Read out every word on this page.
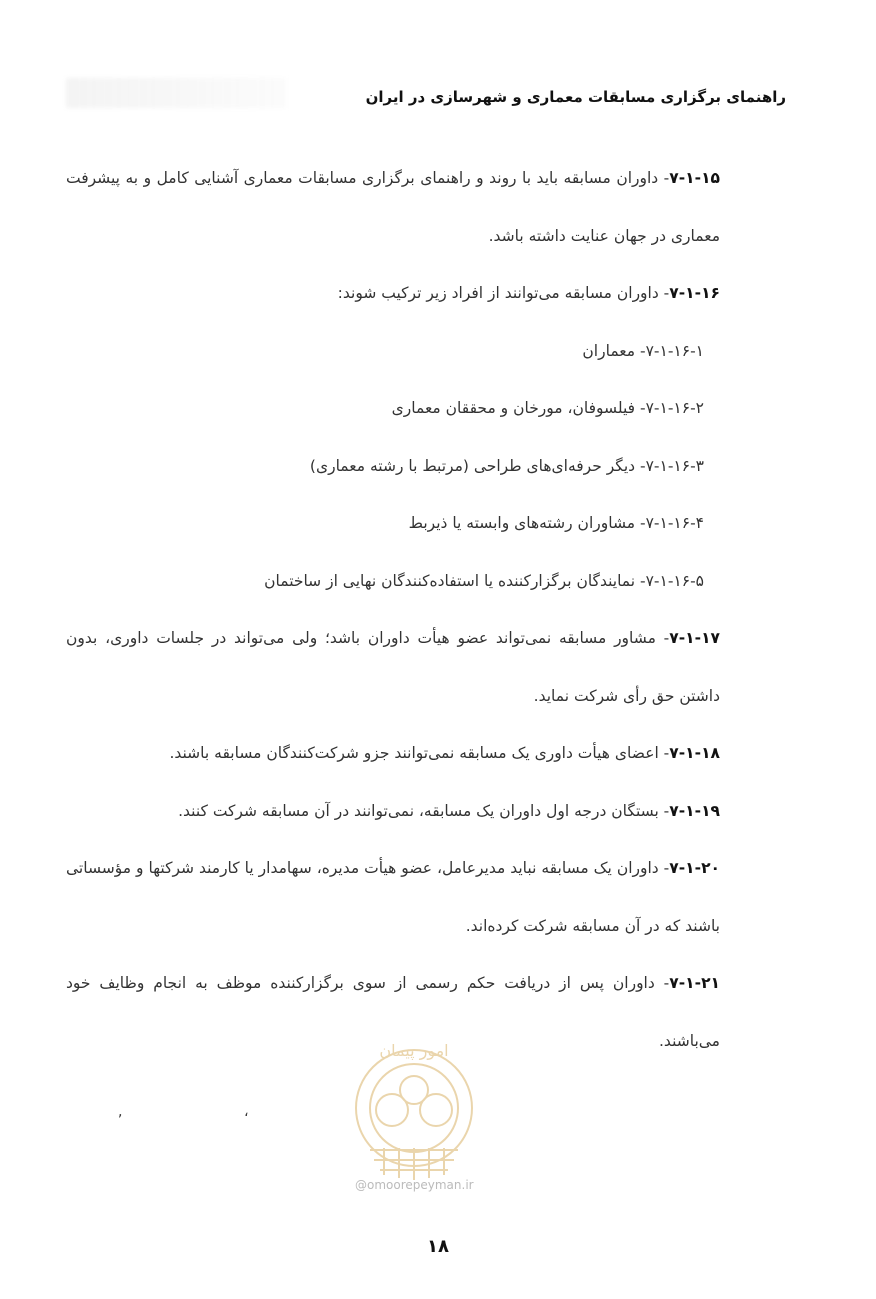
راهنمای برگزاری مسابقات معماری و شهرسازی در ایران

۷-۱-۱۵- داوران مسابقه باید با روند و راهنمای برگزاری مسابقات معماری آشنایی کامل و به پیشرفت معماری در جهان عنایت داشته باشد.

۷-۱-۱۶- داوران مسابقه می‌توانند از افراد زیر ترکیب شوند:

۷-۱-۱۶-۱- معماران

۷-۱-۱۶-۲- فیلسوفان، مورخان و محققان معماری

۷-۱-۱۶-۳- دیگر حرفه‌ای‌های طراحی (مرتبط با رشته معماری)

۷-۱-۱۶-۴- مشاوران رشته‌های وابسته یا ذیربط

۷-۱-۱۶-۵- نمایندگان برگزارکننده یا استفاده‌کنندگان نهایی از ساختمان

۷-۱-۱۷- مشاور مسابقه نمی‌تواند عضو هیأت داوران باشد؛ ولی می‌تواند در جلسات داوری، بدون داشتن حق رأی شرکت نماید.

۷-۱-۱۸- اعضای هیأت داوری یک مسابقه نمی‌توانند جزو شرکت‌کنندگان مسابقه باشند.

۷-۱-۱۹- بستگان درجه اول داوران یک مسابقه، نمی‌توانند در آن مسابقه شرکت کنند.

۷-۱-۲۰- داوران یک مسابقه نباید مدیرعامل، عضو هیأت مدیره، سهامدار یا کارمند شرکتها و مؤسساتی باشند که در آن مسابقه شرکت کرده‌اند.

۷-۱-۲۱- داوران پس از دریافت حکم رسمی از سوی برگزارکننده موظف به انجام وظایف خود می‌باشند.

امور پیمان
@omoorepeyman.ir
,	،
۱۸
